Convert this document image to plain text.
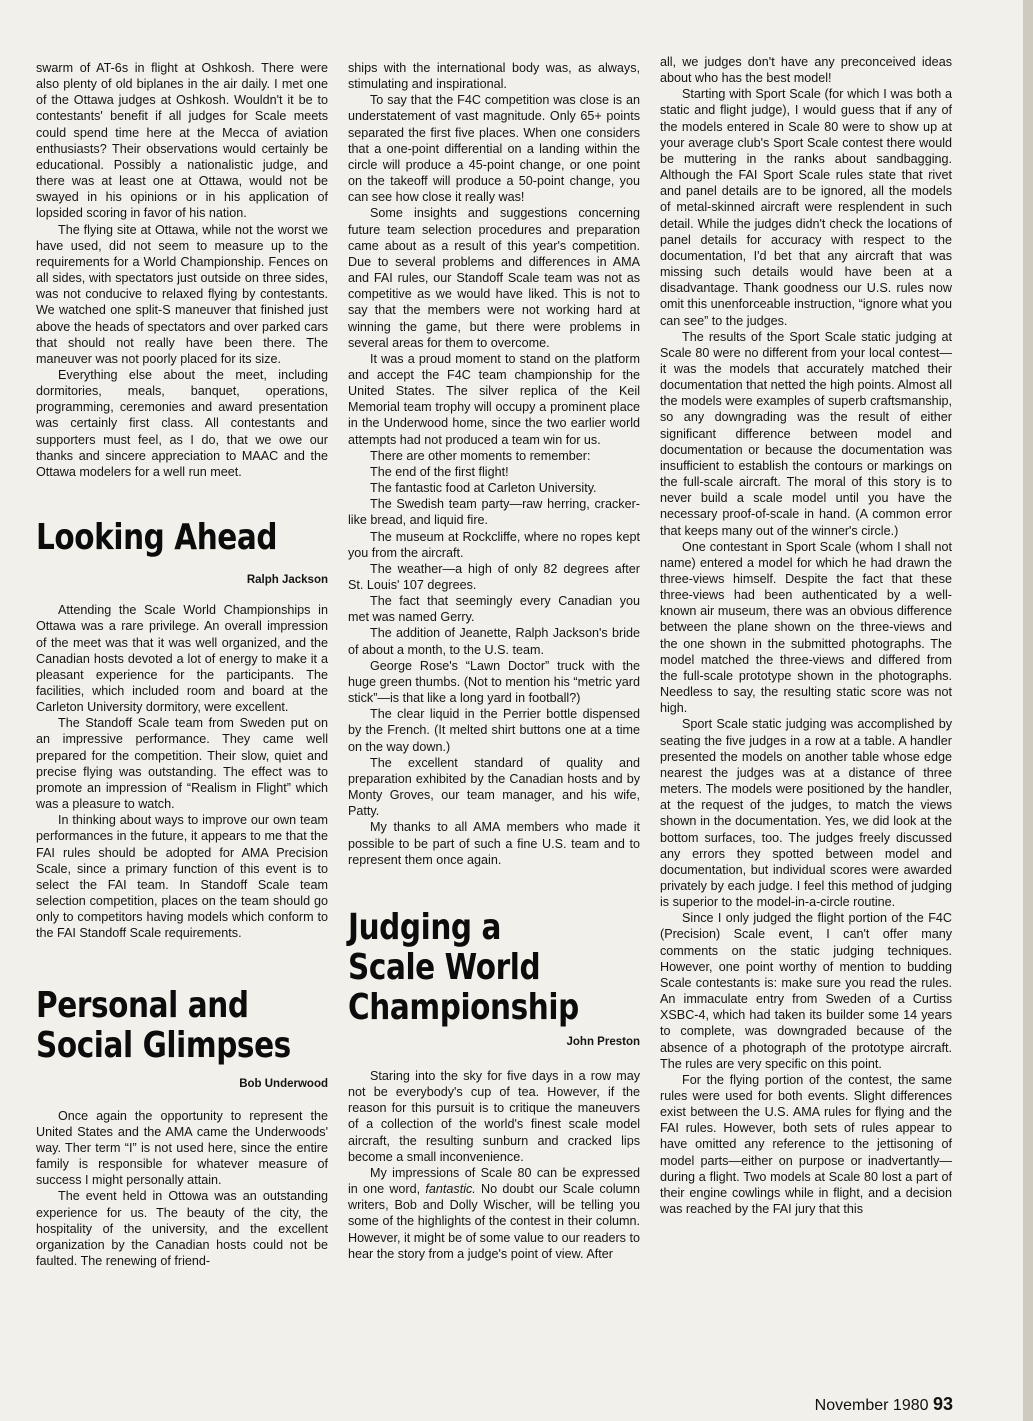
swarm of AT-6s in flight at Oshkosh. There were also plenty of old biplanes in the air daily. I met one of the Ottawa judges at Oshkosh. Wouldn't it be to contestants' benefit if all judges for Scale meets could spend time here at the Mecca of aviation enthusiasts? Their observations would certainly be educational. Possibly a nationalistic judge, and there was at least one at Ottawa, would not be swayed in his opinions or in his application of lopsided scoring in favor of his nation.

The flying site at Ottawa, while not the worst we have used, did not seem to measure up to the requirements for a World Championship. Fences on all sides, with spectators just outside on three sides, was not conducive to relaxed flying by contestants. We watched one split-S maneuver that finished just above the heads of spectators and over parked cars that should not really have been there. The maneuver was not poorly placed for its size.

Everything else about the meet, including dormitories, meals, banquet, operations, programming, ceremonies and award presentation was certainly first class. All contestants and supporters must feel, as I do, that we owe our thanks and sincere appreciation to MAAC and the Ottawa modelers for a well run meet.

Looking Ahead

Ralph Jackson

Attending the Scale World Championships in Ottawa was a rare privilege. An overall impression of the meet was that it was well organized, and the Canadian hosts devoted a lot of energy to make it a pleasant experience for the participants. The facilities, which included room and board at the Carleton University dormitory, were excellent.

The Standoff Scale team from Sweden put on an impressive performance. They came well prepared for the competition. Their slow, quiet and precise flying was outstanding. The effect was to promote an impression of “Realism in Flight” which was a pleasure to watch.

In thinking about ways to improve our own team performances in the future, it appears to me that the FAI rules should be adopted for AMA Precision Scale, since a primary function of this event is to select the FAI team. In Standoff Scale team selection competition, places on the team should go only to competitors having models which conform to the FAI Standoff Scale requirements.

Personal and Social Glimpses

Bob Underwood

Once again the opportunity to represent the United States and the AMA came the Underwoods' way. Ther term “I” is not used here, since the entire family is responsible for whatever measure of success I might personally attain.

The event held in Ottowa was an outstanding experience for us. The beauty of the city, the hospitality of the university, and the excellent organization by the Canadian hosts could not be faulted. The renewing of friend-

ships with the international body was, as always, stimulating and inspirational.

To say that the F4C competition was close is an understatement of vast magnitude. Only 65+ points separated the first five places. When one considers that a one-point differential on a landing within the circle will produce a 45-point change, or one point on the takeoff will produce a 50-point change, you can see how close it really was!

Some insights and suggestions concerning future team selection procedures and preparation came about as a result of this year's competition. Due to several problems and differences in AMA and FAI rules, our Standoff Scale team was not as competitive as we would have liked. This is not to say that the members were not working hard at winning the game, but there were problems in several areas for them to overcome.

It was a proud moment to stand on the platform and accept the F4C team championship for the United States. The silver replica of the Keil Memorial team trophy will occupy a prominent place in the Underwood home, since the two earlier world attempts had not produced a team win for us.

There are other moments to remember:

The end of the first flight!

The fantastic food at Carleton University.

The Swedish team party—raw herring, cracker-like bread, and liquid fire.

The museum at Rockcliffe, where no ropes kept you from the aircraft.

The weather—a high of only 82 degrees after St. Louis' 107 degrees.

The fact that seemingly every Canadian you met was named Gerry.

The addition of Jeanette, Ralph Jackson's bride of about a month, to the U.S. team.

George Rose's “Lawn Doctor” truck with the huge green thumbs. (Not to mention his “metric yard stick”—is that like a long yard in football?)

The clear liquid in the Perrier bottle dispensed by the French. (It melted shirt buttons one at a time on the way down.)

The excellent standard of quality and preparation exhibited by the Canadian hosts and by Monty Groves, our team manager, and his wife, Patty.

My thanks to all AMA members who made it possible to be part of such a fine U.S. team and to represent them once again.

Judging a Scale World Championship

John Preston

Staring into the sky for five days in a row may not be everybody's cup of tea. However, if the reason for this pursuit is to critique the maneuvers of a collection of the world's finest scale model aircraft, the resulting sunburn and cracked lips become a small inconvenience.

My impressions of Scale 80 can be expressed in one word, fantastic. No doubt our Scale column writers, Bob and Dolly Wischer, will be telling you some of the highlights of the contest in their column. However, it might be of some value to our readers to hear the story from a judge's point of view. After

all, we judges don't have any preconceived ideas about who has the best model!

Starting with Sport Scale (for which I was both a static and flight judge), I would guess that if any of the models entered in Scale 80 were to show up at your average club's Sport Scale contest there would be muttering in the ranks about sandbagging. Although the FAI Sport Scale rules state that rivet and panel details are to be ignored, all the models of metal-skinned aircraft were resplendent in such detail. While the judges didn't check the locations of panel details for accuracy with respect to the documentation, I'd bet that any aircraft that was missing such details would have been at a disadvantage. Thank goodness our U.S. rules now omit this unenforceable instruction, “ignore what you can see” to the judges.

The results of the Sport Scale static judging at Scale 80 were no different from your local contest—it was the models that accurately matched their documentation that netted the high points. Almost all the models were examples of superb craftsmanship, so any downgrading was the result of either significant difference between model and documentation or because the documentation was insufficient to establish the contours or markings on the full-scale aircraft. The moral of this story is to never build a scale model until you have the necessary proof-of-scale in hand. (A common error that keeps many out of the winner's circle.)

One contestant in Sport Scale (whom I shall not name) entered a model for which he had drawn the three-views himself. Despite the fact that these three-views had been authenticated by a well-known air museum, there was an obvious difference between the plane shown on the three-views and the one shown in the submitted photographs. The model matched the three-views and differed from the full-scale prototype shown in the photographs. Needless to say, the resulting static score was not high.

Sport Scale static judging was accomplished by seating the five judges in a row at a table. A handler presented the models on another table whose edge nearest the judges was at a distance of three meters. The models were positioned by the handler, at the request of the judges, to match the views shown in the documentation. Yes, we did look at the bottom surfaces, too. The judges freely discussed any errors they spotted between model and documentation, but individual scores were awarded privately by each judge. I feel this method of judging is superior to the model-in-a-circle routine.

Since I only judged the flight portion of the F4C (Precision) Scale event, I can't offer many comments on the static judging techniques. However, one point worthy of mention to budding Scale contestants is: make sure you read the rules. An immaculate entry from Sweden of a Curtiss XSBC-4, which had taken its builder some 14 years to complete, was downgraded because of the absence of a photograph of the prototype aircraft. The rules are very specific on this point.

For the flying portion of the contest, the same rules were used for both events. Slight differences exist between the U.S. AMA rules for flying and the FAI rules. However, both sets of rules appear to have omitted any reference to the jettisoning of model parts—either on purpose or inadvertantly—during a flight. Two models at Scale 80 lost a part of their engine cowlings while in flight, and a decision was reached by the FAI jury that this

November 1980 93
